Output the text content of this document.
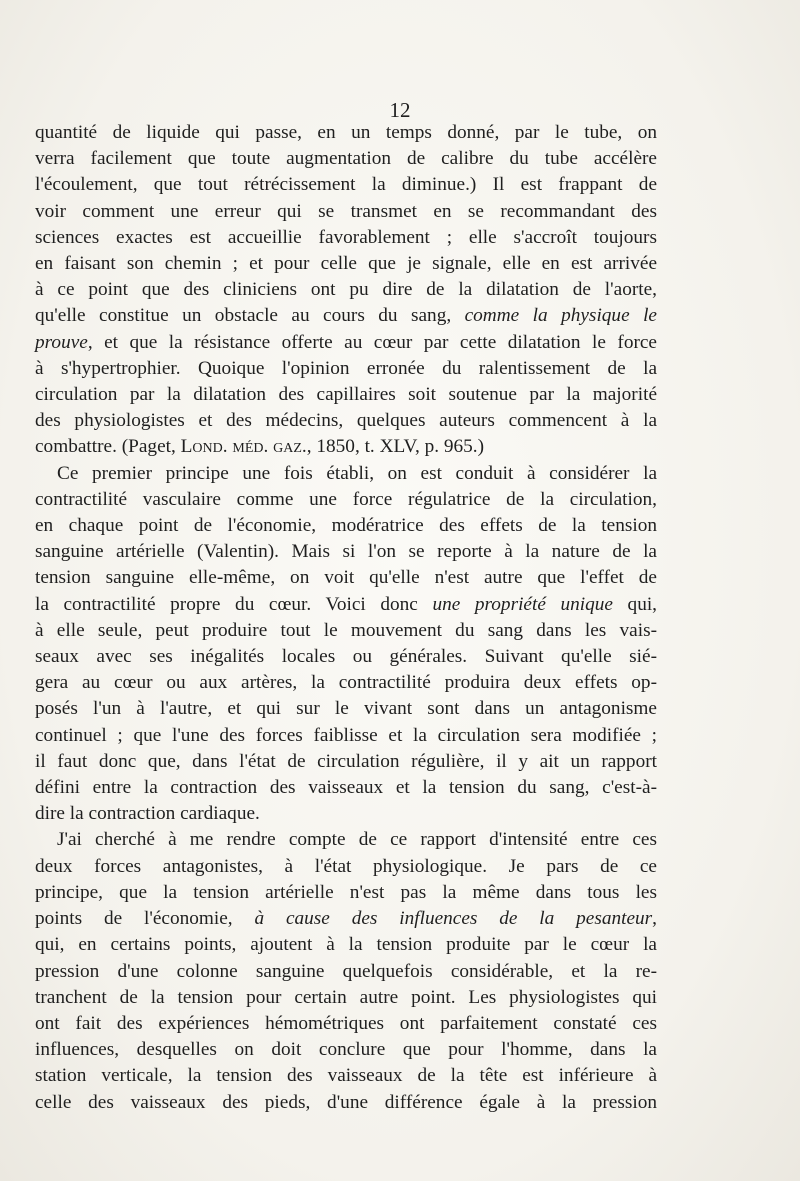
12
quantité de liquide qui passe, en un temps donné, par le tube, on
verra facilement que toute augmentation de calibre du tube accélère
l'écoulement, que tout rétrécissement la diminue.) Il est frappant de
voir comment une erreur qui se transmet en se recommandant des
sciences exactes est accueillie favorablement ; elle s'accroît toujours
en faisant son chemin ; et pour celle que je signale, elle en est arrivée
à ce point que des cliniciens ont pu dire de la dilatation de l'aorte,
qu'elle constitue un obstacle au cours du sang, comme la physique le
prouve, et que la résistance offerte au cœur par cette dilatation le force
à s'hypertrophier. Quoique l'opinion erronée du ralentissement de la
circulation par la dilatation des capillaires soit soutenue par la majorité
des physiologistes et des médecins, quelques auteurs commencent à la
combattre. (Paget, Lond. méd. gaz., 1850, t. XLV, p. 965.)
Ce premier principe une fois établi, on est conduit à considérer la
contractilité vasculaire comme une force régulatrice de la circulation,
en chaque point de l'économie, modératrice des effets de la tension
sanguine artérielle (Valentin). Mais si l'on se reporte à la nature de la
tension sanguine elle-même, on voit qu'elle n'est autre que l'effet de
la contractilité propre du cœur. Voici donc une propriété unique qui,
à elle seule, peut produire tout le mouvement du sang dans les vais-
seaux avec ses inégalités locales ou générales. Suivant qu'elle sié-
gera au cœur ou aux artères, la contractilité produira deux effets op-
posés l'un à l'autre, et qui sur le vivant sont dans un antagonisme
continuel ; que l'une des forces faiblisse et la circulation sera modifiée ;
il faut donc que, dans l'état de circulation régulière, il y ait un rapport
défini entre la contraction des vaisseaux et la tension du sang, c'est-à-
dire la contraction cardiaque.
J'ai cherché à me rendre compte de ce rapport d'intensité entre ces
deux forces antagonistes, à l'état physiologique. Je pars de ce
principe, que la tension artérielle n'est pas la même dans tous les
points de l'économie, à cause des influences de la pesanteur,
qui, en certains points, ajoutent à la tension produite par le cœur la
pression d'une colonne sanguine quelquefois considérable, et la re-
tranchent de la tension pour certain autre point. Les physiologistes qui
ont fait des expériences hémométriques ont parfaitement constaté ces
influences, desquelles on doit conclure que pour l'homme, dans la
station verticale, la tension des vaisseaux de la tête est inférieure à
celle des vaisseaux des pieds, d'une différence égale à la pression
